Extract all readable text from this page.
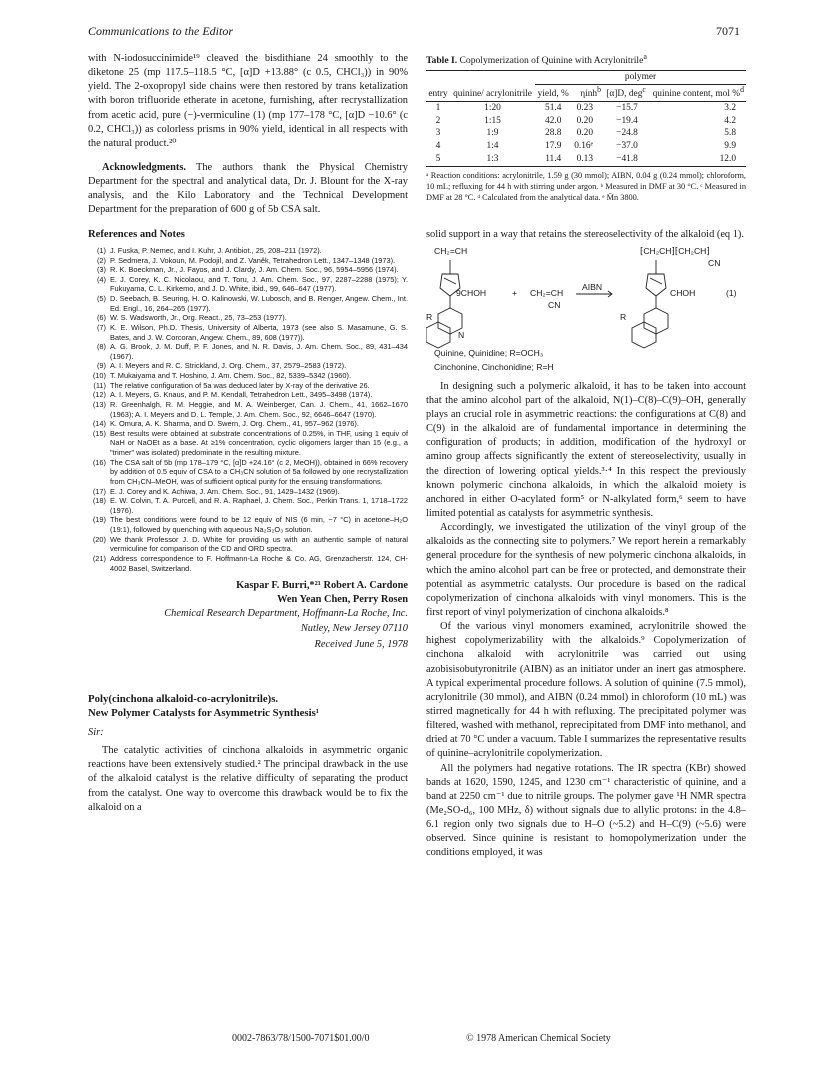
Communications to the Editor	7071

with N-iodosuccinimide¹⁹ cleaved the bisdithiane 24 smoothly to the diketone 25 (mp 117.5–118.5 °C, [α]D +13.88° (c 0.5, CHCl₃)) in 90% yield. The 2-oxopropyl side chains were then restored by trans ketalization with boron trifluoride etherate in acetone, furnishing, after recrystallization from acetic acid, pure (−)-vermiculine (1) (mp 177–178 °C, [α]D −10.6° (c 0.2, CHCl₃)) as colorless prisms in 90% yield, identical in all respects with the natural product.²⁰

Acknowledgments. The authors thank the Physical Chemistry Department for the spectral and analytical data, Dr. J. Blount for the X-ray analysis, and the Kilo Laboratory and the Technical Development Department for the preparation of 600 g of 5b CSA salt.

References and Notes
(1) J. Fuska, P. Nemec, and I. Kuhr, J. Antibiot., 25, 208–211 (1972).
(2) P. Sedmera, J. Vokoun, M. Podojil, and Z. Vaněk, Tetrahedron Lett., 1347–1348 (1973).
(3) R. K. Boeckman, Jr., J. Fayos, and J. Clardy, J. Am. Chem. Soc., 96, 5954–5956 (1974).
(4) E. J. Corey, K. C. Nicolaou, and T. Toru, J. Am. Chem. Soc., 97, 2287–2288 (1975); Y. Fukuyama, C. L. Kirkemo, and J. D. White, ibid., 99, 646–647 (1977).
(5) D. Seebach, B. Seuring, H. O. Kalinowski, W. Lubosch, and B. Renger, Angew. Chem., Int. Ed. Engl., 16, 264–265 (1977).
(6) W. S. Wadsworth, Jr., Org. React., 25, 73–253 (1977).
(7) K. E. Wilson, Ph.D. Thesis, University of Alberta, 1973 (see also S. Masamune, G. S. Bates, and J. W. Corcoran, Angew. Chem., 89, 608 (1977)).
(8) A. G. Brook, J. M. Duff, P. F. Jones, and N. R. Davis, J. Am. Chem. Soc., 89, 431–434 (1967).
(9) A. I. Meyers and R. C. Strickland, J. Org. Chem., 37, 2579–2583 (1972).
(10) T. Mukaiyama and T. Hoshino, J. Am. Chem. Soc., 82, 5339–5342 (1960).
(11) The relative configuration of 5a was deduced later by X-ray of the derivative 26.
(12) A. I. Meyers, G. Knaus, and P. M. Kendall, Tetrahedron Lett., 3495–3498 (1974).
(13) R. Greenhalgh, R. M. Heggie, and M. A. Weinberger, Can. J. Chem., 41, 1662–1670 (1963); A. I. Meyers and D. L. Temple, J. Am. Chem. Soc., 92, 6646–6647 (1970).
(14) K. Omura, A. K. Sharma, and D. Swern, J. Org. Chem., 41, 957–962 (1976).
(15) Best results were obtained at substrate concentrations of 0.25%, in THF, using 1 equiv of NaH or NaOEt as a base. At ≥1% concentration, cyclic oligomers larger than 15 (e.g., a "trimer" was isolated) predominate in the resulting mixture.
(16) The CSA salt of 5b (mp 178–179 °C, [α]D +24.16° (c 2, MeOH)), obtained in 66% recovery by addition of 0.5 equiv of CSA to a CH₃CN solution of 5a followed by one recrystallization from CH₃CN–MeOH, was of sufficient optical purity for the ensuing transformations.
(17) E. J. Corey and K. Achiwa, J. Am. Chem. Soc., 91, 1429–1432 (1969).
(18) E. W. Colvin, T. A. Purcell, and R. A. Raphael, J. Chem. Soc., Perkin Trans. 1, 1718–1722 (1976).
(19) The best conditions were found to be 12 equiv of NIS (6 min, −7 °C) in acetone–H₂O (19:1), followed by quenching with aqueous Na₂S₂O₃ solution.
(20) We thank Professor J. D. White for providing us with an authentic sample of natural vermiculine for comparison of the CD and ORD spectra.
(21) Address correspondence to F. Hoffmann-La Roche & Co. AG, Grenzacherstr. 124, CH-4002 Basel, Switzerland.
Kaspar F. Burri,*²¹ Robert A. Cardone
Wen Yean Chen, Perry Rosen
Chemical Research Department, Hoffmann-La Roche, Inc.
Nutley, New Jersey 07110
Received June 5, 1978
Poly(cinchona alkaloid-co-acrylonitrile)s.
New Polymer Catalysts for Asymmetric Synthesis¹
Sir:

The catalytic activities of cinchona alkaloids in asymmetric organic reactions have been extensively studied.² The principal drawback in the use of the alkaloid catalyst is the relative difficulty of separating the product from the catalyst. One way to overcome this drawback would be to fix the alkaloid on a

Table I. Copolymerization of Quinine with Acrylonitrile$^a$
		polymer			
entry	quinine/ acrylonitrile	yield, %	ηinh$^b$	[α]D, deg$^c$	quinine content, mol %$^d$
1	1:20	51.4	0.23	−15.7	3.2
2	1:15	42.0	0.20	−19.4	4.2
3	1:9	28.8	0.20	−24.8	5.8
4	1:4	17.9	0.16ᵉ	−37.0	9.9
5	1:3	11.4	0.13	−41.8	12.0
ᵃ Reaction conditions: acrylonitrile, 1.59 g (30 mmol); AIBN, 0.04 g (0.24 mmol); chloroform, 10 mL; refluxing for 44 h with stirring under argon. ᵇ Measured in DMF at 30 °C. ᶜ Measured in DMF at 28 °C. ᵈ Calculated from the analytical data. ᵉ M̄n 3800.

solid support in a way that retains the stereoselectivity of the alkaloid (eq 1).

CH₂=CH
9CHOH	+ CH₂=CH
CN
AIBN
⁅CH₂CH⁆⁅CH₂CH⁆
CN
CHOH
R	R
N
(1)
Quinine, Quinidine; R=OCH₃
Cinchonine, Cinchonidine; R=H

In designing such a polymeric alkaloid, it has to be taken into account that the amino alcohol part of the alkaloid, N(1)–C(8)–C(9)–OH, generally plays an crucial role in asymmetric reactions: the configurations at C(8) and C(9) in the alkaloid are of fundamental importance in determining the configuration of products; in addition, modification of the hydroxyl or amino group affects significantly the extent of stereoselectivity, usually in the direction of lowering optical yields.³·⁴ In this respect the previously known polymeric cinchona alkaloids, in which the alkaloid moiety is anchored in either O-acylated form⁵ or N-alkylated form,⁶ seem to have limited potential as catalysts for asymmetric synthesis.

Accordingly, we investigated the utilization of the vinyl group of the alkaloids as the connecting site to polymers.⁷ We report herein a remarkably general procedure for the synthesis of new polymeric cinchona alkaloids, in which the amino alcohol part can be free or protected, and demonstrate their potential as asymmetric catalysts. Our procedure is based on the radical copolymerization of cinchona alkaloids with vinyl monomers. This is the first report of vinyl polymerization of cinchona alkaloids.⁸

Of the various vinyl monomers examined, acrylonitrile showed the highest copolymerizability with the alkaloids.⁹ Copolymerization of cinchona alkaloid with acrylonitrile was carried out using azobisisobutyronitrile (AIBN) as an initiator under an inert gas atmosphere. A typical experimental procedure follows. A solution of quinine (7.5 mmol), acrylonitrile (30 mmol), and AIBN (0.24 mmol) in chloroform (10 mL) was stirred magnetically for 44 h with refluxing. The precipitated polymer was filtered, washed with methanol, reprecipitated from DMF into methanol, and dried at 70 °C under a vacuum. Table I summarizes the representative results of quinine–acrylonitrile copolymerization.

All the polymers had negative rotations. The IR spectra (KBr) showed bands at 1620, 1590, 1245, and 1230 cm⁻¹ characteristic of quinine, and a band at 2250 cm⁻¹ due to nitrile groups. The polymer gave ¹H NMR spectra (Me₂SO-d₆, 100 MHz, δ) without signals due to allylic protons: in the 4.8–6.1 region only two signals due to H–O (~5.2) and H–C(9) (~5.6) were observed. Since quinine is resistant to homopolymerization under the conditions employed, it was

0002-7863/78/1500-7071$01.00/0	© 1978 American Chemical Society
